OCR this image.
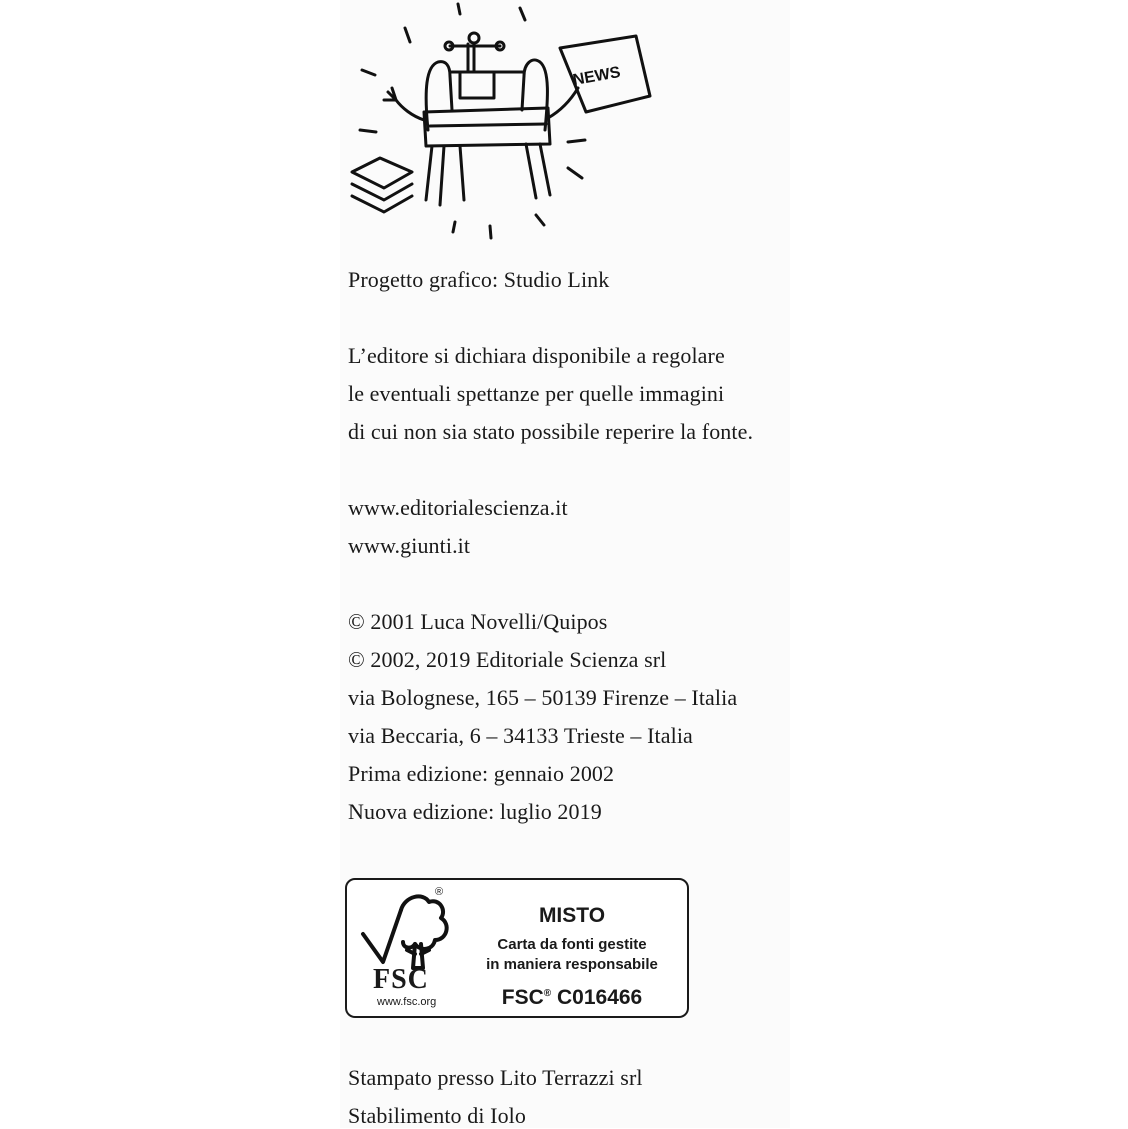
NEWS
Progetto grafico: Studio Link
L’editore si dichiara disponibile a regolare
le eventuali spettanze per quelle immagini
di cui non sia stato possibile reperire la fonte.
www.editorialescienza.it
www.giunti.it
© 2001 Luca Novelli/Quipos
© 2002, 2019 Editoriale Scienza srl
via Bolognese, 165 – 50139 Firenze – Italia
via Beccaria, 6 – 34133 Trieste – Italia
Prima edizione: gennaio 2002
Nuova edizione: luglio 2019
®
FSC
www.fsc.org
MISTO
Carta da fonti gestite
in maniera responsabile
FSC® C016466
Stampato presso Lito Terrazzi srl
Stabilimento di Iolo
